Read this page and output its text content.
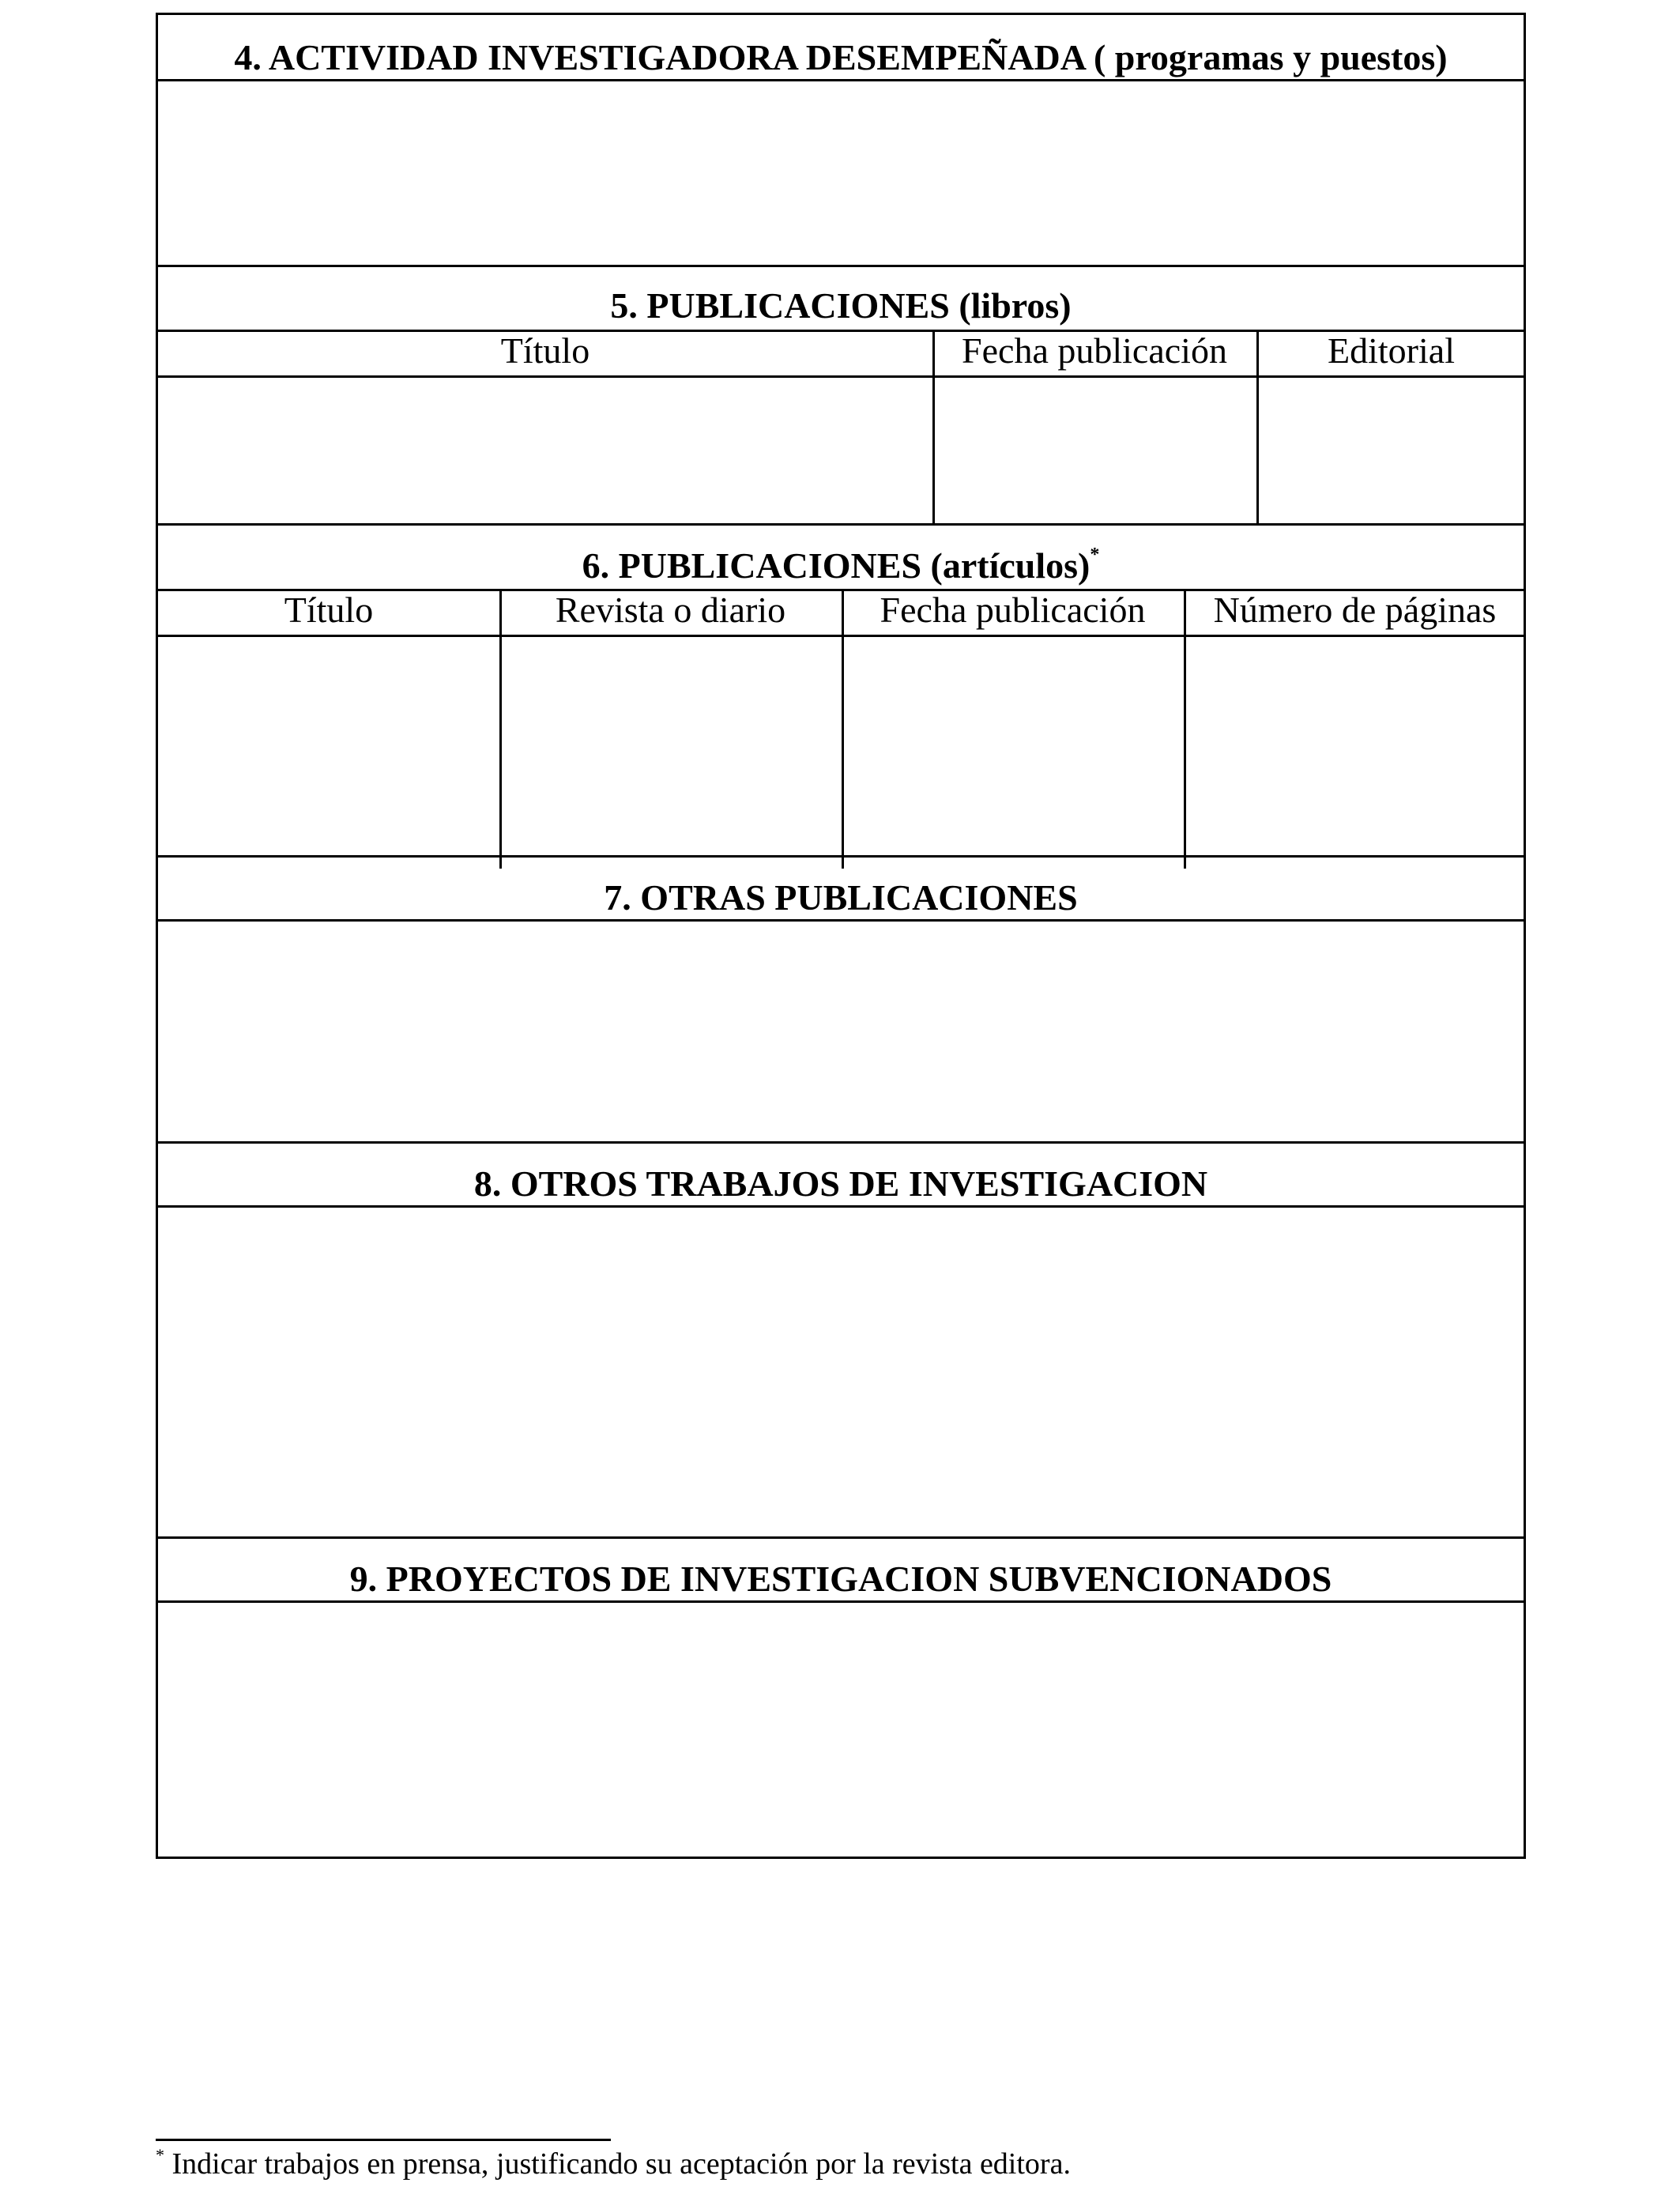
4. ACTIVIDAD INVESTIGADORA DESEMPEÑADA ( programas y puestos)
5. PUBLICACIONES (libros)
Título	Fecha publicación	Editorial
6. PUBLICACIONES (artículos)*
Título	Revista o diario	Fecha publicación	Número de páginas
7. OTRAS PUBLICACIONES
8. OTROS TRABAJOS DE INVESTIGACION
9. PROYECTOS DE INVESTIGACION SUBVENCIONADOS
* Indicar trabajos en prensa, justificando su aceptación por la revista editora.
